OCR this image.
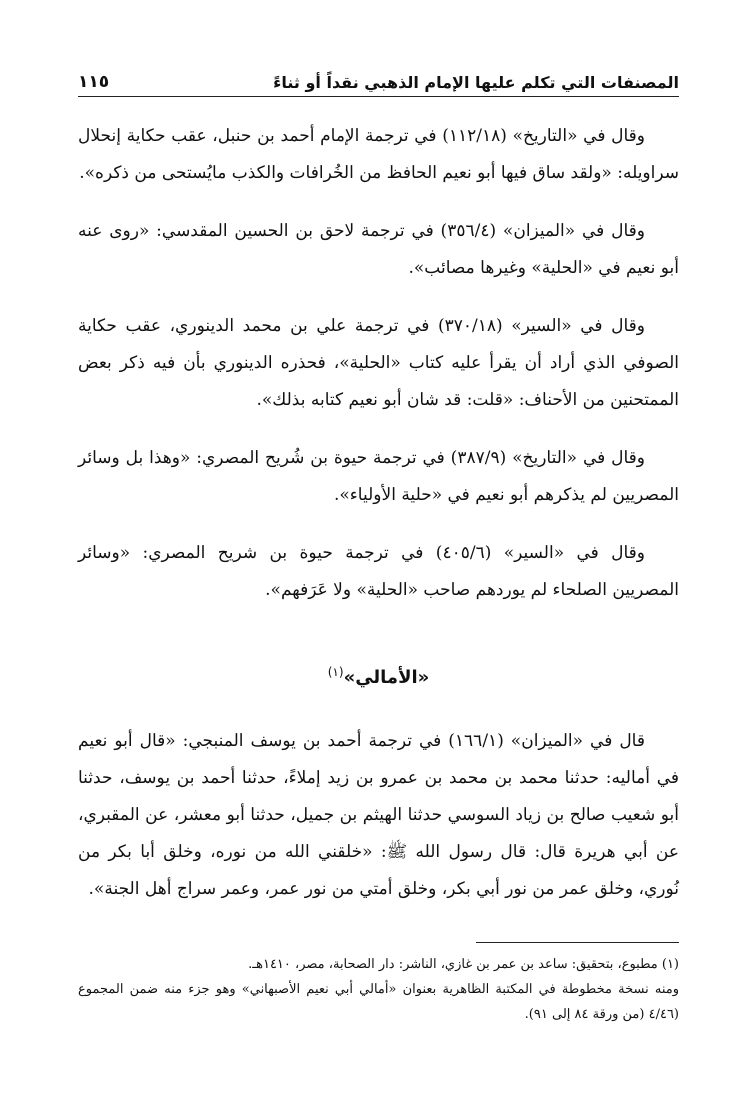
المصنفات التي تكلم عليها الإمام الذهبي نقداً أو ثناءً
١١٥

وقال في «التاريخ» (١١٢/١٨) في ترجمة الإمام أحمد بن حنبل، عقب حكاية إنحلال سراويله: «ولقد ساق فيها أبو نعيم الحافظ من الخُرافات والكذب مايُستحى من ذكره».

وقال في «الميزان» (٣٥٦/٤) في ترجمة لاحق بن الحسين المقدسي: «روى عنه أبو نعيم في «الحلية» وغيرها مصائب».

وقال في «السير» (٣٧٠/١٨) في ترجمة علي بن محمد الدينوري، عقب حكاية الصوفي الذي أراد أن يقرأ عليه كتاب «الحلية»، فحذره الدينوري بأن فيه ذكر بعض الممتحنين من الأحناف: «قلت: قد شان أبو نعيم كتابه بذلك».

وقال في «التاريخ» (٣٨٧/٩) في ترجمة حيوة بن شُريح المصري: «وهذا بل وسائر المصريين لم يذكرهم أبو نعيم في «حلية الأولياء».

وقال في «السير» (٤٠٥/٦) في ترجمة حيوة بن شريح المصري: «وسائر المصريين الصلحاء لم يوردهم صاحب «الحلية» ولا عَرَفهم».

«الأمالي»$^{(١)}$

قال في «الميزان» (١٦٦/١) في ترجمة أحمد بن يوسف المنبجي: «قال أبو نعيم في أماليه: حدثنا محمد بن محمد بن عمرو بن زيد إملاءً، حدثنا أحمد بن يوسف، حدثنا أبو شعيب صالح بن زياد السوسي حدثنا الهيثم بن جميل، حدثنا أبو معشر، عن المقبري، عن أبي هريرة قال: قال رسول الله ﷺ: «خلقني الله من نوره، وخلق أبا بكر من نُوري، وخلق عمر من نور أبي بكر، وخلق أمتي من نور عمر، وعمر سراج أهل الجنة».

(١) مطبوع، بتحقيق: ساعد بن عمر بن غازي، الناشر: دار الصحابة، مصر، ١٤١٠هـ.

ومنه نسخة مخطوطة في المكتبة الظاهرية بعنوان «أمالي أبي نعيم الأصبهاني» وهو جزء منه ضمن المجموع (٤/٤٦ (من ورقة ٨٤ إلى ٩١).
